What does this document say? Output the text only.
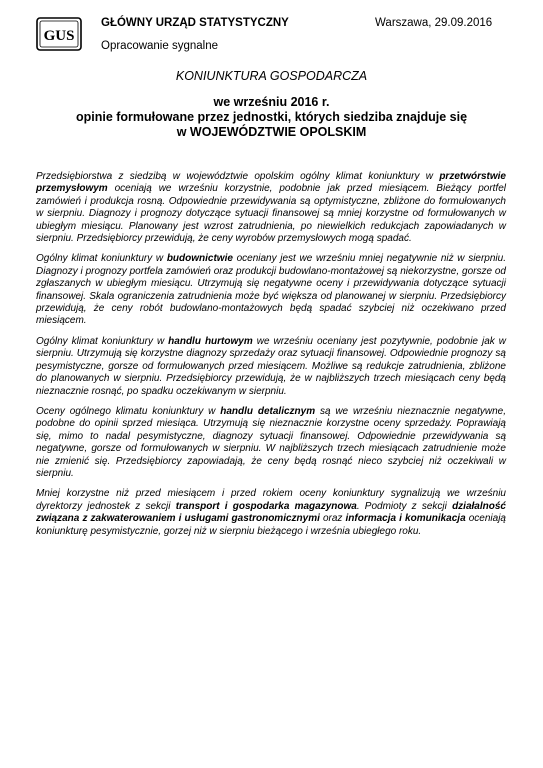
GUS
GŁÓWNY URZĄD STATYSTYCZNY	Warszawa, 29.09.2016
Opracowanie sygnalne
KONIUNKTURA GOSPODARCZA
we wrześniu 2016 r.
opinie formułowane przez jednostki, których siedziba znajduje się
w WOJEWÓDZTWIE OPOLSKIM

Przedsiębiorstwa z siedzibą w województwie opolskim ogólny klimat koniunktury w przetwórstwie przemysłowym oceniają we wrześniu korzystnie, podobnie jak przed miesiącem. Bieżący portfel zamówień i produkcja rosną. Odpowiednie przewidywania są optymistyczne, zbliżone do formułowanych w sierpniu. Diagnozy i prognozy dotyczące sytuacji finansowej są mniej korzystne od formułowanych w ubiegłym miesiącu. Planowany jest wzrost zatrudnienia, po niewielkich redukcjach zapowiadanych w sierpniu. Przedsiębiorcy przewidują, że ceny wyrobów przemysłowych mogą spadać.

Ogólny klimat koniunktury w budownictwie oceniany jest we wrześniu mniej negatywnie niż w sierpniu. Diagnozy i prognozy portfela zamówień oraz produkcji budowlano-montażowej są niekorzystne, gorsze od zgłaszanych w ubiegłym miesiącu. Utrzymują się negatywne oceny i przewidywania dotyczące sytuacji finansowej. Skala ograniczenia zatrudnienia może być większa od planowanej w sierpniu. Przedsiębiorcy przewidują, że ceny robót budowlano-montażowych będą spadać szybciej niż oczekiwano przed miesiącem.

Ogólny klimat koniunktury w handlu hurtowym we wrześniu oceniany jest pozytywnie, podobnie jak w sierpniu. Utrzymują się korzystne diagnozy sprzedaży oraz sytuacji finansowej. Odpowiednie prognozy są pesymistyczne, gorsze od formułowanych przed miesiącem. Możliwe są redukcje zatrudnienia, zbliżone do planowanych w sierpniu. Przedsiębiorcy przewidują, że w najbliższych trzech miesiącach ceny będą nieznacznie rosnąć, po spadku oczekiwanym w sierpniu.

Oceny ogólnego klimatu koniunktury w handlu detalicznym są we wrześniu nieznacznie negatywne, podobne do opinii sprzed miesiąca. Utrzymują się nieznacznie korzystne oceny sprzedaży. Poprawiają się, mimo to nadal pesymistyczne, diagnozy sytuacji finansowej. Odpowiednie przewidywania są negatywne, gorsze od formułowanych w sierpniu. W najbliższych trzech miesiącach zatrudnienie może nie zmienić się. Przedsiębiorcy zapowiadają, że ceny będą rosnąć nieco szybciej niż oczekiwali w sierpniu.

Mniej korzystne niż przed miesiącem i przed rokiem oceny koniunktury sygnalizują we wrześniu dyrektorzy jednostek z sekcji transport i gospodarka magazynowa. Podmioty z sekcji działalność związana z zakwaterowaniem i usługami gastronomicznymi oraz informacja i komunikacja oceniają koniunkturę pesymistycznie, gorzej niż w sierpniu bieżącego i września ubiegłego roku.
